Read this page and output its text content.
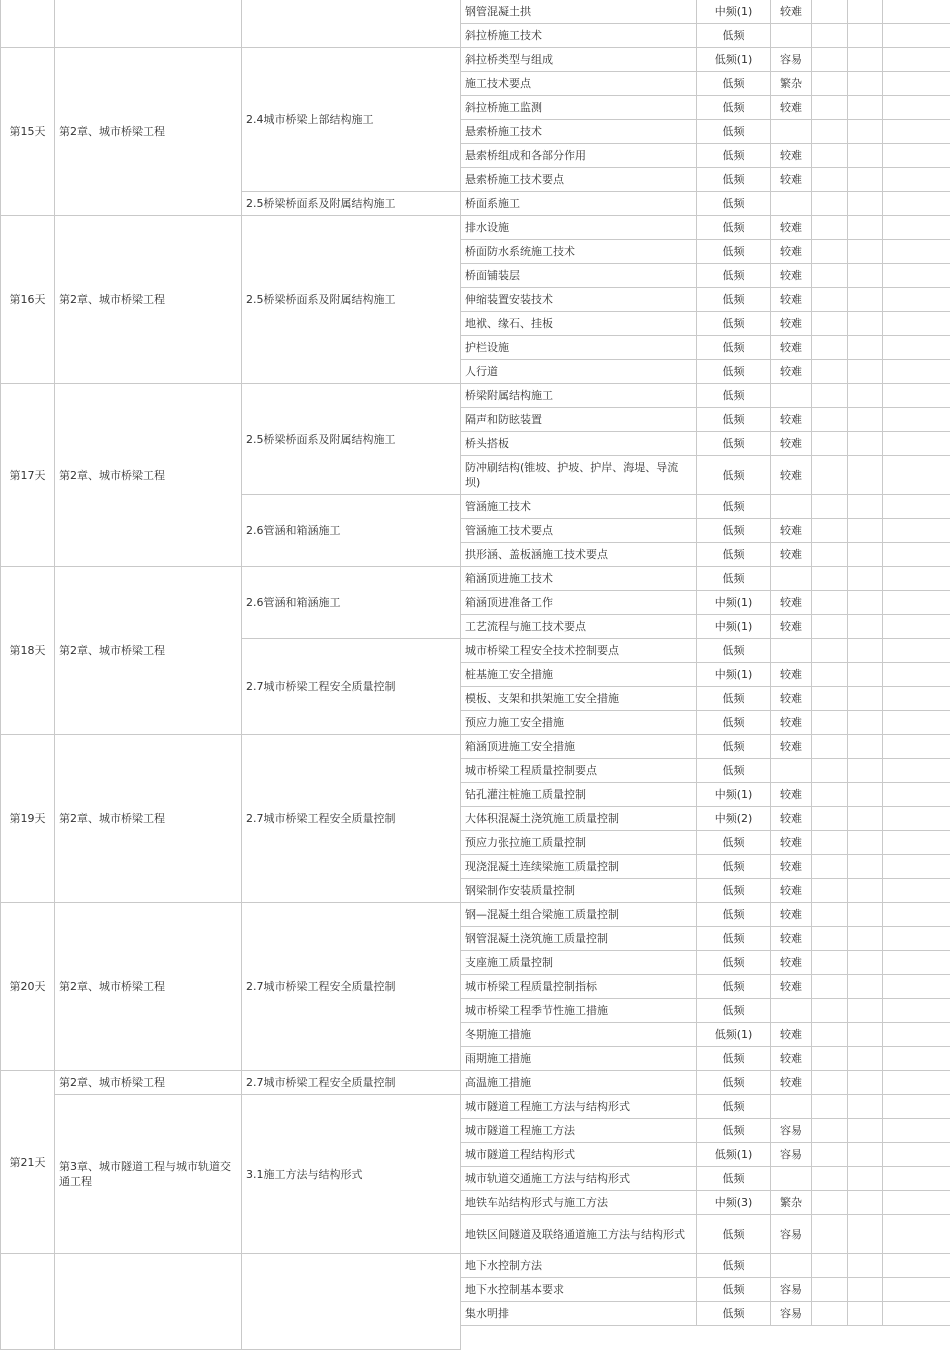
			钢管混凝土拱	中频(1)	较难			
			斜拉桥施工技术	低频				
第15天	第2章、城市桥梁工程	2.4城市桥梁上部结构施工	斜拉桥类型与组成	低频(1)	容易			
			施工技术要点	低频	繁杂			
			斜拉桥施工监测	低频	较难			
			悬索桥施工技术	低频				
			悬索桥组成和各部分作用	低频	较难			
			悬索桥施工技术要点	低频	较难			
		2.5桥梁桥面系及附属结构施工	桥面系施工	低频				
第16天	第2章、城市桥梁工程	2.5桥梁桥面系及附属结构施工	排水设施	低频	较难			
			桥面防水系统施工技术	低频	较难			
			桥面铺装层	低频	较难			
			伸缩装置安装技术	低频	较难			
			地袱、缘石、挂板	低频	较难			
			护栏设施	低频	较难			
			人行道	低频	较难			
第17天	第2章、城市桥梁工程	2.5桥梁桥面系及附属结构施工	桥梁附属结构施工	低频				
			隔声和防眩装置	低频	较难			
			桥头搭板	低频	较难			
			防冲刷结构(锥坡、护坡、护岸、海堤、导流坝)	低频	较难			
		2.6管涵和箱涵施工	管涵施工技术	低频				
			管涵施工技术要点	低频	较难			
			拱形涵、盖板涵施工技术要点	低频	较难			
第18天	第2章、城市桥梁工程	2.6管涵和箱涵施工	箱涵顶进施工技术	低频				
			箱涵顶进准备工作	中频(1)	较难			
			工艺流程与施工技术要点	中频(1)	较难			
		2.7城市桥梁工程安全质量控制	城市桥梁工程安全技术控制要点	低频				
			桩基施工安全措施	中频(1)	较难			
			模板、支架和拱架施工安全措施	低频	较难			
			预应力施工安全措施	低频	较难			
第19天	第2章、城市桥梁工程	2.7城市桥梁工程安全质量控制	箱涵顶进施工安全措施	低频	较难			
			城市桥梁工程质量控制要点	低频				
			钻孔灌注桩施工质量控制	中频(1)	较难			
			大体积混凝土浇筑施工质量控制	中频(2)	较难			
			预应力张拉施工质量控制	低频	较难			
			现浇混凝土连续梁施工质量控制	低频	较难			
			钢梁制作安装质量控制	低频	较难			
第20天	第2章、城市桥梁工程	2.7城市桥梁工程安全质量控制	钢—混凝土组合梁施工质量控制	低频	较难			
			钢管混凝土浇筑施工质量控制	低频	较难			
			支座施工质量控制	低频	较难			
			城市桥梁工程质量控制指标	低频	较难			
			城市桥梁工程季节性施工措施	低频				
			冬期施工措施	低频(1)	较难			
			雨期施工措施	低频	较难			
第21天	第2章、城市桥梁工程	2.7城市桥梁工程安全质量控制	高温施工措施	低频	较难			
	第3章、城市隧道工程与城市轨道交通工程	3.1施工方法与结构形式	城市隧道工程施工方法与结构形式	低频				
			城市隧道工程施工方法	低频	容易			
			城市隧道工程结构形式	低频(1)	容易			
			城市轨道交通施工方法与结构形式	低频				
			地铁车站结构形式与施工方法	中频(3)	繁杂			
			地铁区间隧道及联络通道施工方法与结构形式	低频	容易			
			地下水控制方法	低频				
			地下水控制基本要求	低频	容易			
			集水明排	低频	容易			
